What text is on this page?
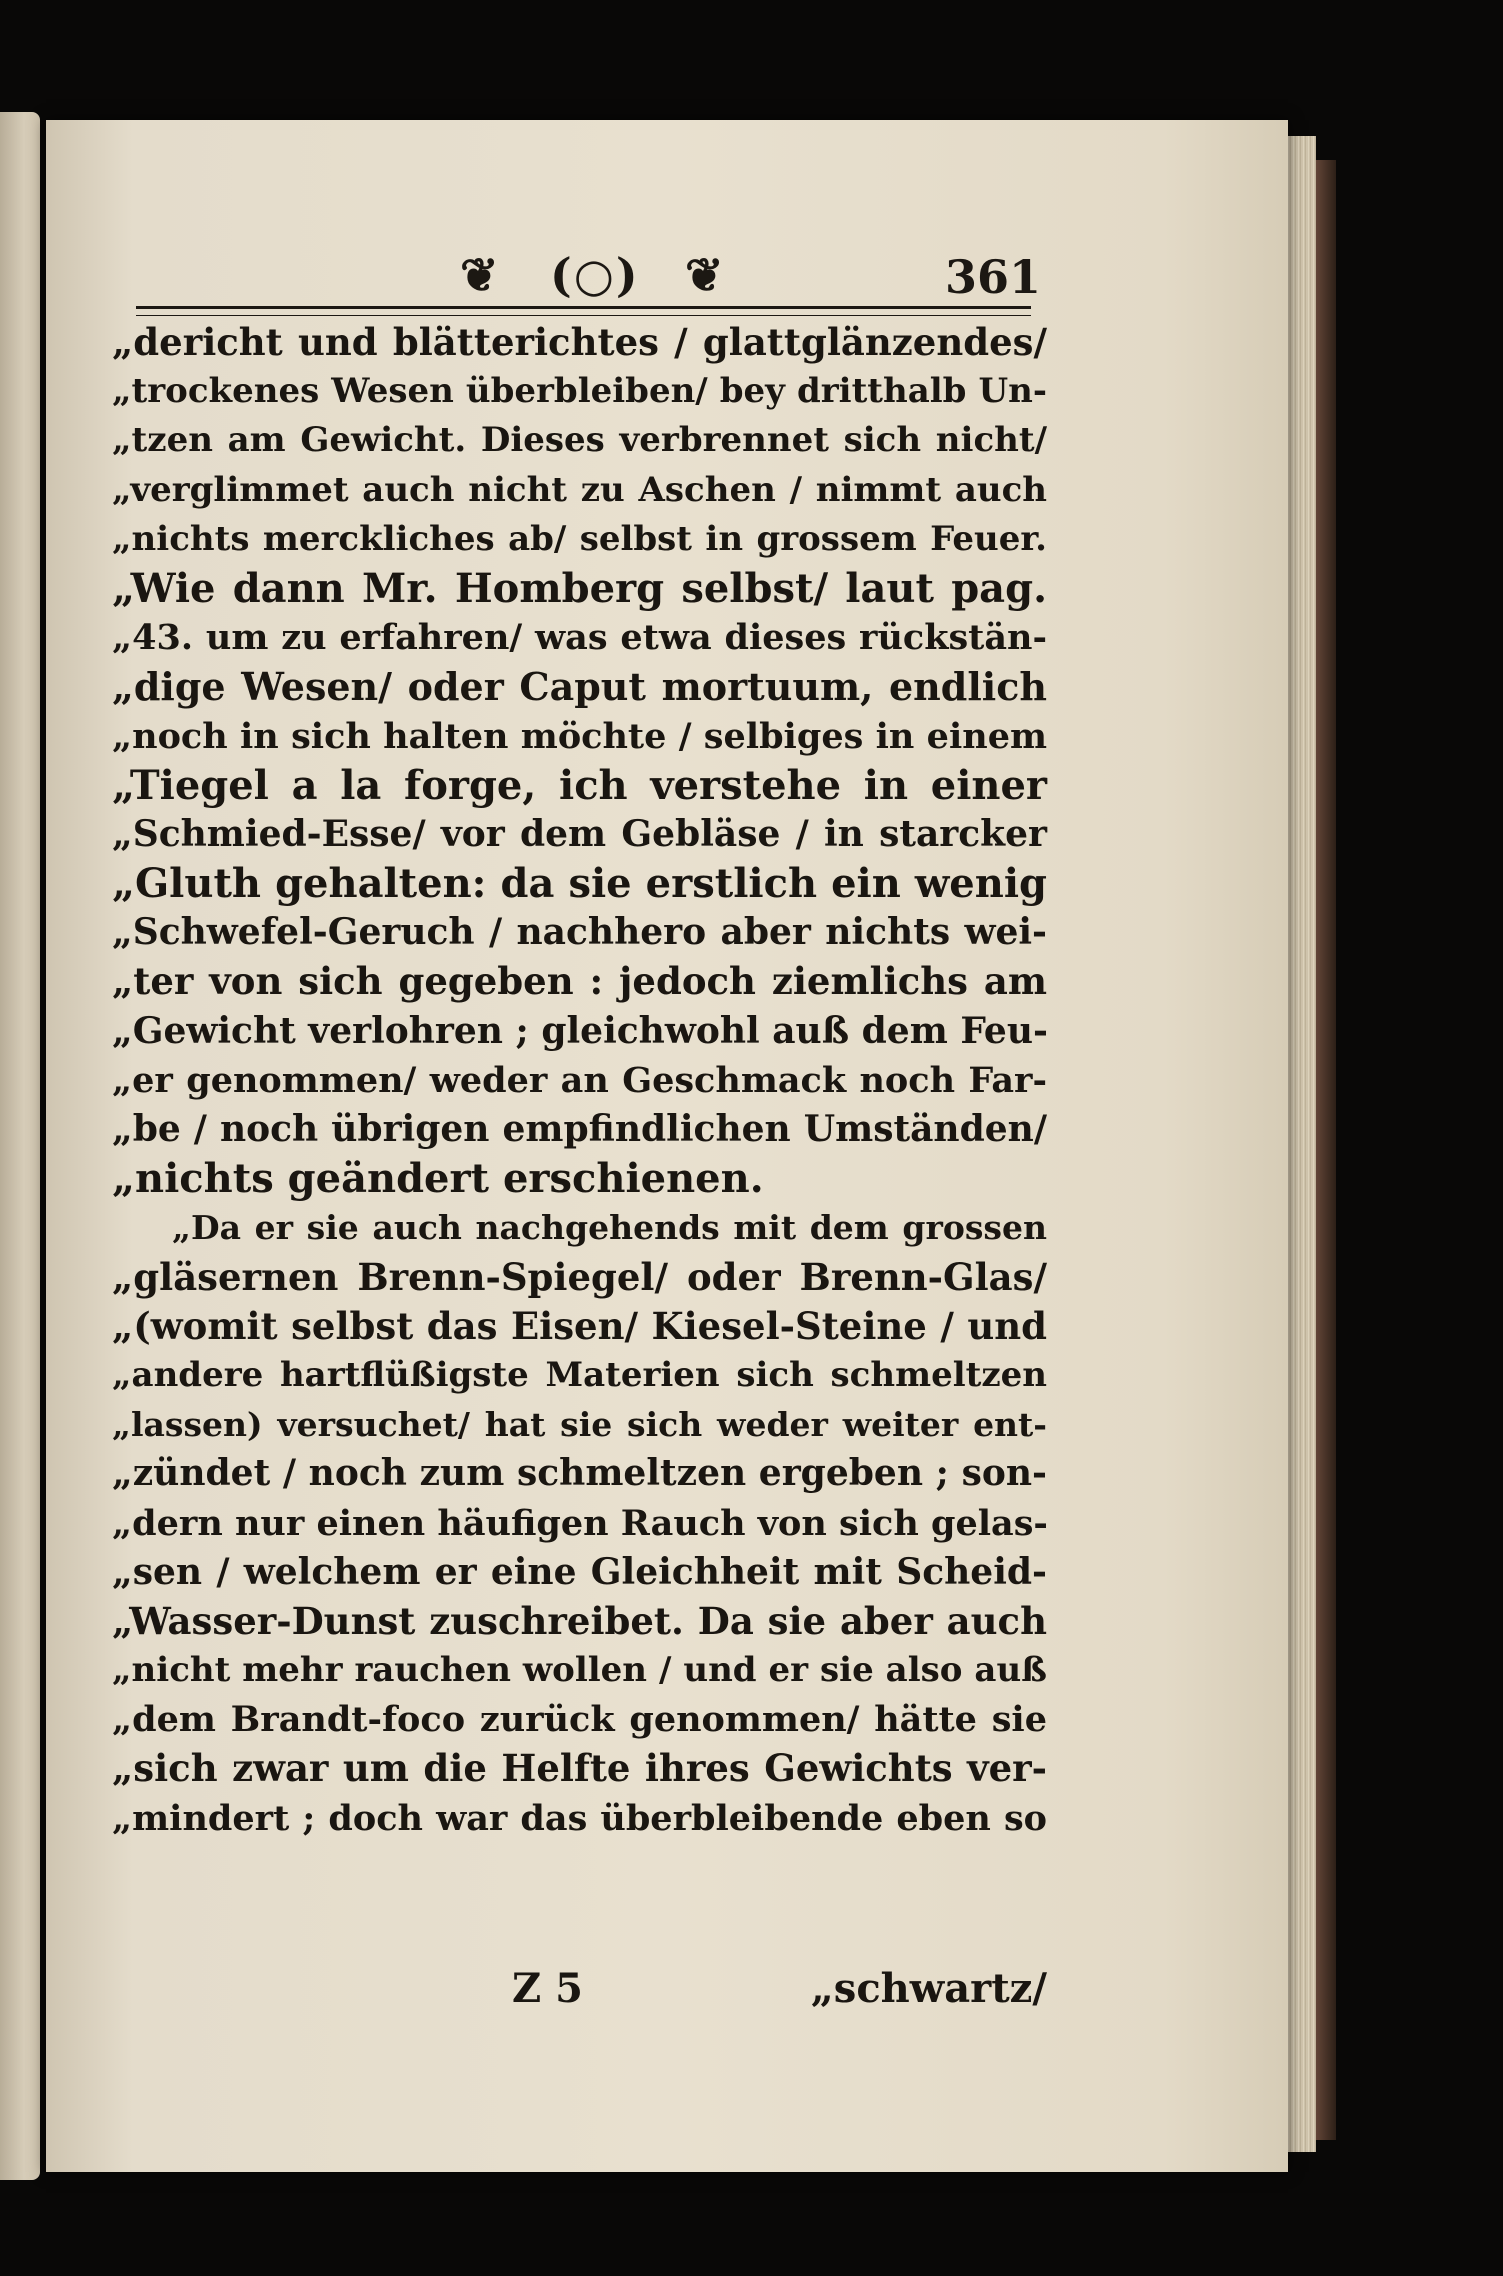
❦ (○) ❦	361
„dericht und blätterichtes / glattglänzendes/
„trockenes Wesen überbleiben/ bey dritthalb Un-
„tzen am Gewicht. Dieses verbrennet sich nicht/
„verglimmet auch nicht zu Aschen / nimmt auch
„nichts merckliches ab/ selbst in grossem Feuer.
„Wie dann Mr. Homberg selbst/ laut pag.
„43. um zu erfahren/ was etwa dieses rückstän-
„dige Wesen/ oder Caput mortuum, endlich
„noch in sich halten möchte / selbiges in einem
„Tiegel a la forge, ich verstehe in einer
„Schmied-Esse/ vor dem Gebläse / in starcker
„Gluth gehalten: da sie erstlich ein wenig
„Schwefel-Geruch / nachhero aber nichts wei-
„ter von sich gegeben : jedoch ziemlichs am
„Gewicht verlohren ; gleichwohl auß dem Feu-
„er genommen/ weder an Geschmack noch Far-
„be / noch übrigen empfindlichen Umständen/
„nichts geändert erschienen.
„Da er sie auch nachgehends mit dem grossen
„gläsernen Brenn-Spiegel/ oder Brenn-Glas/
„(womit selbst das Eisen/ Kiesel-Steine / und
„andere hartflüßigste Materien sich schmeltzen
„lassen) versuchet/ hat sie sich weder weiter ent-
„zündet / noch zum schmeltzen ergeben ; son-
„dern nur einen häufigen Rauch von sich gelas-
„sen / welchem er eine Gleichheit mit Scheid-
„Wasser-Dunst zuschreibet. Da sie aber auch
„nicht mehr rauchen wollen / und er sie also auß
„dem Brandt-foco zurück genommen/ hätte sie
„sich zwar um die Helfte ihres Gewichts ver-
„mindert ; doch war das überbleibende eben so
Z 5	„schwartz/
